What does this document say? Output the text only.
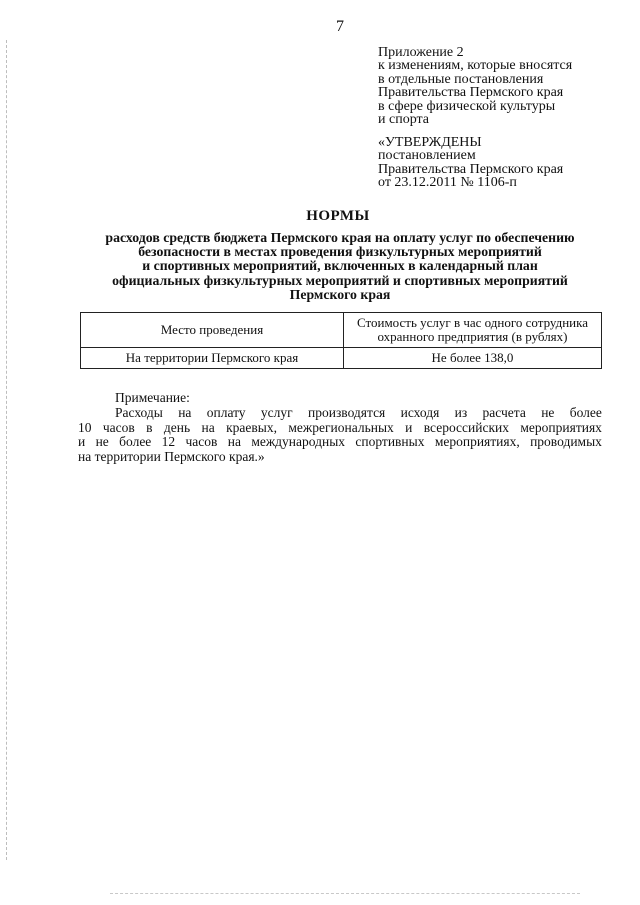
7
Приложение 2
к изменениям, которые вносятся
в отдельные постановления
Правительства Пермского края
в сфере физической культуры
и спорта
«УТВЕРЖДЕНЫ
постановлением
Правительства Пермского края
от 23.12.2011 № 1106-п
НОРМЫ
расходов средств бюджета Пермского края на оплату услуг по обеспечению
безопасности в местах проведения физкультурных мероприятий
и спортивных мероприятий, включенных в календарный план
официальных физкультурных мероприятий и спортивных мероприятий
Пермского края
Место проведения	Стоимость услуг в час одного сотрудника
охранного предприятия (в рублях)

На территории Пермского края	Не более 138,0
Примечание:
Расходы на оплату услуг производятся исходя из расчета не более
10 часов в день на краевых, межрегиональных и всероссийских мероприятиях
и не более 12 часов на международных спортивных мероприятиях, проводимых
на территории Пермского края.»
